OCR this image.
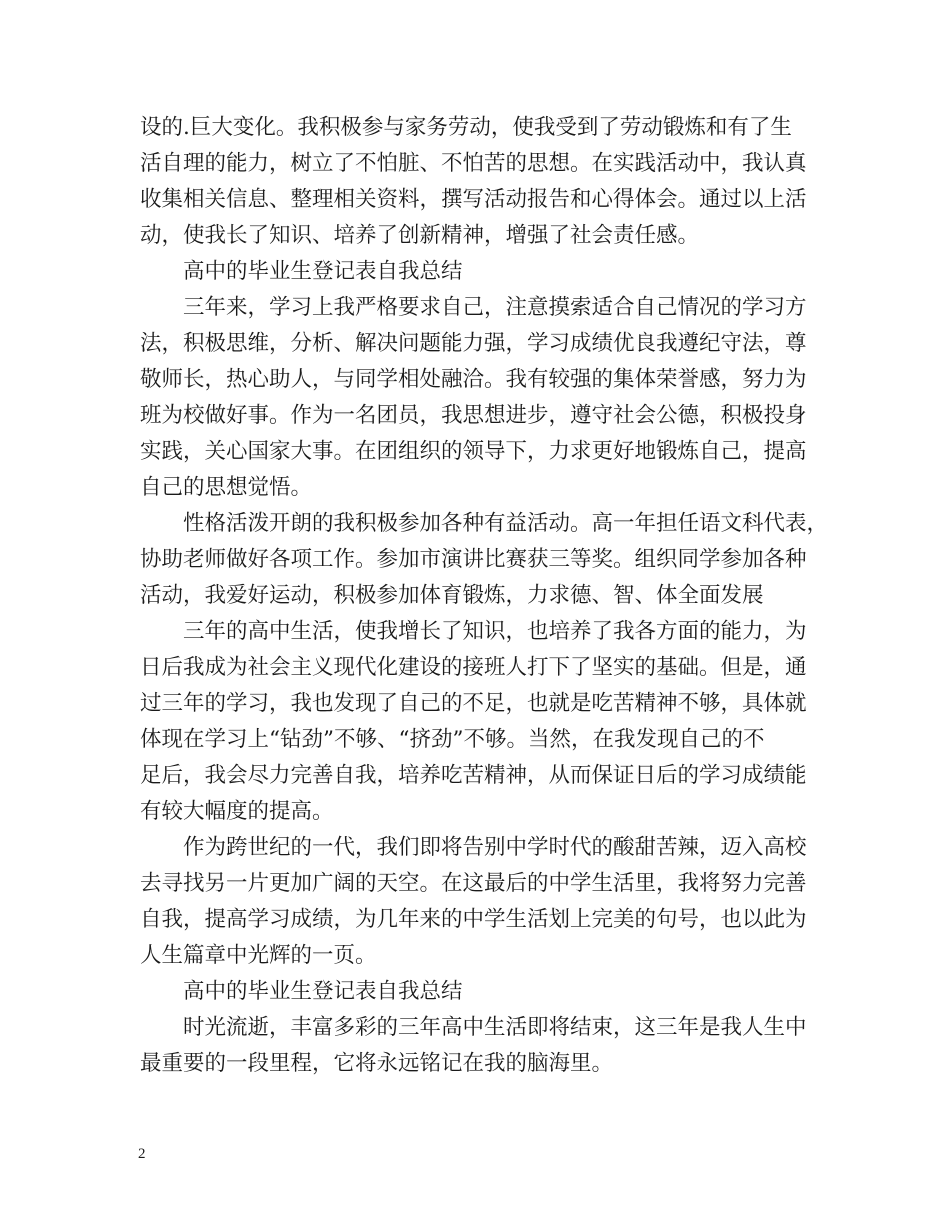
设的.巨大变化。我积极参与家务劳动，使我受到了劳动锻炼和有了生
活自理的能力，树立了不怕脏、不怕苦的思想。在实践活动中，我认真
收集相关信息、整理相关资料，撰写活动报告和心得体会。通过以上活
动，使我长了知识、培养了创新精神，增强了社会责任感。
高中的毕业生登记表自我总结
三年来，学习上我严格要求自己，注意摸索适合自己情况的学习方
法，积极思维，分析、解决问题能力强，学习成绩优良我遵纪守法，尊
敬师长，热心助人，与同学相处融洽。我有较强的集体荣誉感，努力为
班为校做好事。作为一名团员，我思想进步，遵守社会公德，积极投身
实践，关心国家大事。在团组织的领导下，力求更好地锻炼自己，提高
自己的思想觉悟。
性格活泼开朗的我积极参加各种有益活动。高一年担任语文科代表，
协助老师做好各项工作。参加市演讲比赛获三等奖。组织同学参加各种
活动，我爱好运动，积极参加体育锻炼，力求德、智、体全面发展
三年的高中生活，使我增长了知识，也培养了我各方面的能力，为
日后我成为社会主义现代化建设的接班人打下了坚实的基础。但是，通
过三年的学习，我也发现了自己的不足，也就是吃苦精神不够，具体就
体现在学习上“钻劲”不够、“挤劲”不够。当然，在我发现自己的不
足后，我会尽力完善自我，培养吃苦精神，从而保证日后的学习成绩能
有较大幅度的提高。
作为跨世纪的一代，我们即将告别中学时代的酸甜苦辣，迈入高校
去寻找另一片更加广阔的天空。在这最后的中学生活里，我将努力完善
自我，提高学习成绩，为几年来的中学生活划上完美的句号，也以此为
人生篇章中光辉的一页。
高中的毕业生登记表自我总结
时光流逝，丰富多彩的三年高中生活即将结束，这三年是我人生中
最重要的一段里程，它将永远铭记在我的脑海里。
2
